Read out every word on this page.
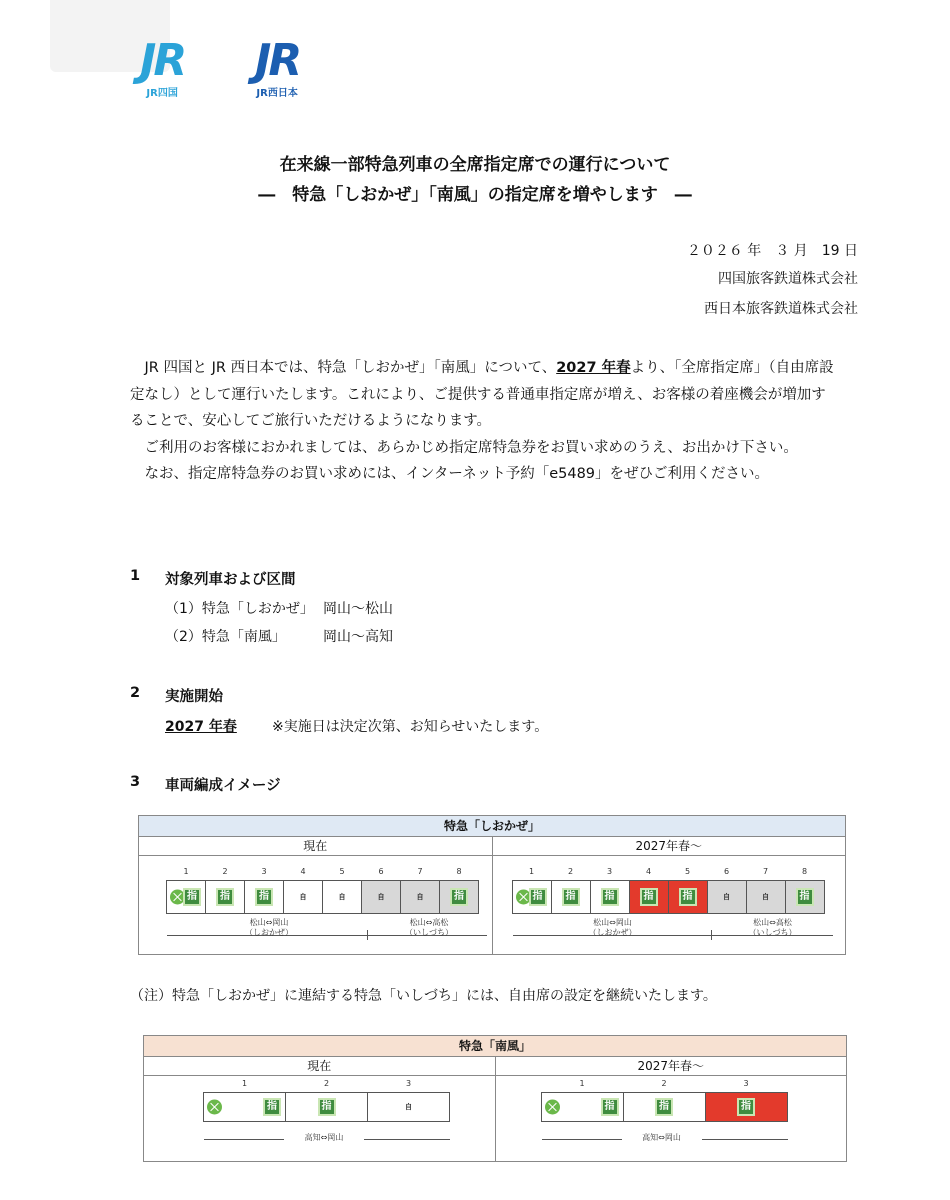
JR
JR四国
JR
JR西日本
在来線一部特急列車の全席指定席での運行について
―　特急「しおかぜ」「南風」の指定席を増やします　―
２０２６ 年　３ 月　19 日
四国旅客鉄道株式会社
西日本旅客鉄道株式会社

　JR 四国と JR 西日本では、特急「しおかぜ」「南風」について、2027 年春より、「全席指定席」（自由席設定なし）として運行いたします。これにより、ご提供する普通車指定席が増え、お客様の着座機会が増加することで、安心してご旅行いただけるようになります。

　ご利用のお客様におかれましては、あらかじめ指定席特急券をお買い求めのうえ、お出かけ下さい。

　なお、指定席特急券のお買い求めには、インターネット予約「e5489」をぜひご利用ください。

1 対象列車および区間
（1）特急「しおかぜ」 岡山～松山
（2）特急「南風」	岡山～高知
2 実施開始
2027 年春	※実施日は決定次第、お知らせいたします。
3 車両編成イメージ
特急「しおかぜ」
現在
1
指
2
指
3
指
4
自
5
自
6
自
7
自
8
指
松山⇔岡山
（しおかぜ）
松山⇔高松
（いしづち）
2027年春～
1
指
2
指
3
指
4
指
5
指
6
自
7
自
8
指
松山⇔岡山
（しおかぜ）
松山⇔高松
（いしづち）
（注）特急「しおかぜ」に連結する特急「いしづち」には、自由席の設定を継続いたします。
特急「南風」
現在
1
指
2
指
3
自
高知⇔岡山
2027年春～
1
指
2
指
3
指
高知⇔岡山
